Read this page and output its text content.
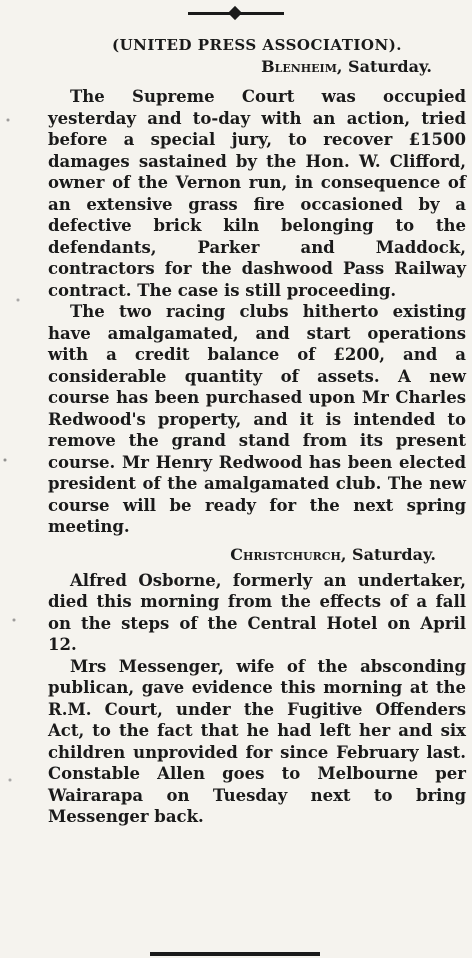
(UNITED PRESS ASSOCIATION).

Blenheim, Saturday.

The Supreme Court was occupied yesterday and to-day with an action, tried before a special jury, to recover £1500 damages sastained by the Hon. W. Clifford, owner of the Vernon run, in consequence of an extensive grass fire occasioned by a defective brick kiln belonging to the defendants, Parker and Maddock, contractors for the dashwood Pass Railway contract. The case is still proceeding.

The two racing clubs hitherto existing have amalgamated, and start operations with a credit balance of £200, and a considerable quantity of assets. A new course has been purchased upon Mr Charles Redwood's property, and it is intended to remove the grand stand from its present course. Mr Henry Redwood has been elected president of the amalgamated club. The new course will be ready for the next spring meeting.

Christchurch, Saturday.

Alfred Osborne, formerly an undertaker, died this morning from the effects of a fall on the steps of the Central Hotel on April 12.

Mrs Messenger, wife of the absconding publican, gave evidence this morning at the R.M. Court, under the Fugitive Offenders Act, to the fact that he had left her and six children unprovided for since February last. Constable Allen goes to Melbourne per Wairarapa on Tuesday next to bring Messenger back.
